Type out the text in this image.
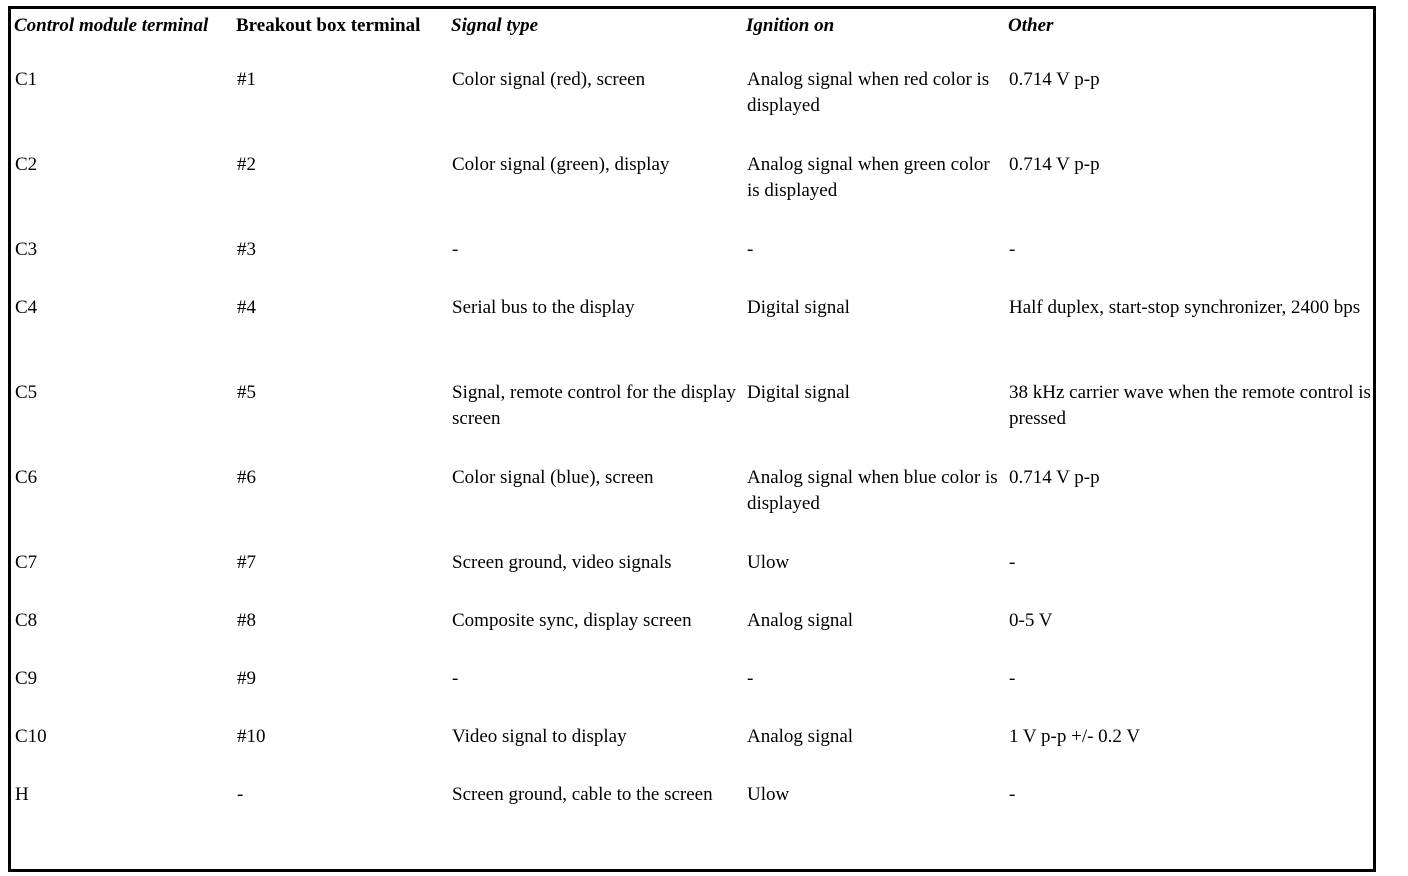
Control module terminal	Breakout box terminal	Signal type	Ignition on	Other
C1	#1	Color signal (red), screen	Analog signal when red color is displayed	0.714 V p-p
C2	#2	Color signal (green), display	Analog signal when green color is displayed	0.714 V p-p
C3	#3	-	-	-
C4	#4	Serial bus to the display	Digital signal	Half duplex, start-stop synchronizer, 2400 bps
C5	#5	Signal, remote control for the display screen	Digital signal	38 kHz carrier wave when the remote control is pressed
C6	#6	Color signal (blue), screen	Analog signal when blue color is displayed	0.714 V p-p
C7	#7	Screen ground, video signals	Ulow	-
C8	#8	Composite sync, display screen	Analog signal	0-5 V
C9	#9	-	-	-
C10	#10	Video signal to display	Analog signal	1 V p-p +/- 0.2 V
H	-	Screen ground, cable to the screen	Ulow	-
